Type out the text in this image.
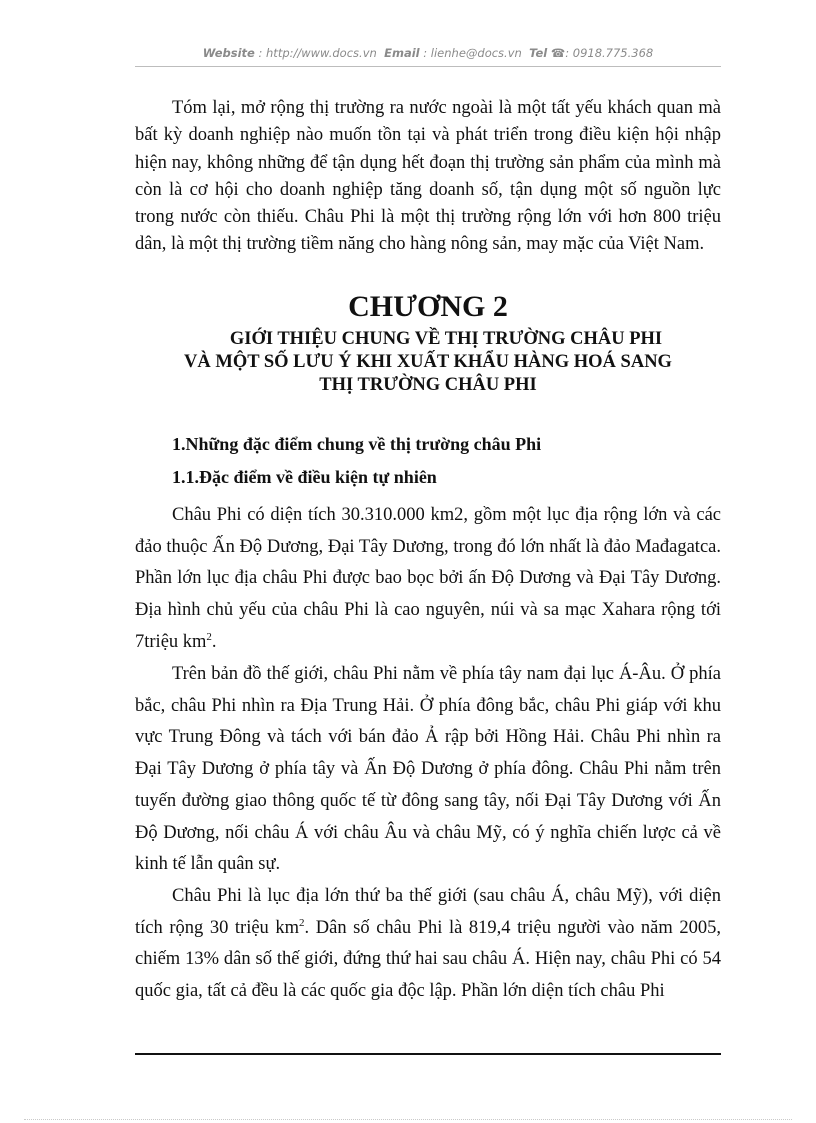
Website : http://www.docs.vn Email : lienhe@docs.vn Tel ☎: 0918.775.368

Tóm lại, mở rộng thị trường ra nước ngoài là một tất yếu khách quan mà bất kỳ doanh nghiệp nào muốn tồn tại và phát triển trong điều kiện hội nhập hiện nay, không những để tận dụng hết đoạn thị trường sản phẩm của mình mà còn là cơ hội cho doanh nghiệp tăng doanh số, tận dụng một số nguồn lực trong nước còn thiếu. Châu Phi là một thị trường rộng lớn với hơn 800 triệu dân, là một thị trường tiềm năng cho hàng nông sản, may mặc của Việt Nam.

CHƯƠNG 2
GIỚI THIỆU CHUNG VỀ THỊ TRƯỜNG CHÂU PHI
VÀ MỘT SỐ LƯU Ý KHI XUẤT KHẨU HÀNG HOÁ SANG
THỊ TRƯỜNG CHÂU PHI
1.Những đặc điểm chung về thị trường châu Phi
1.1.Đặc điểm về điều kiện tự nhiên

Châu Phi có diện tích 30.310.000 km2, gồm một lục địa rộng lớn và các đảo thuộc Ấn Độ Dương, Đại Tây Dương, trong đó lớn nhất là đảo Mađagatca. Phần lớn lục địa châu Phi được bao bọc bởi ấn Độ Dương và Đại Tây Dương. Địa hình chủ yếu của châu Phi là cao nguyên, núi và sa mạc Xahara rộng tới 7triệu $km^2$.

Trên bản đồ thế giới, châu Phi nằm về phía tây nam đại lục Á-Âu. Ở phía bắc, châu Phi nhìn ra Địa Trung Hải. Ở phía đông bắc, châu Phi giáp với khu vực Trung Đông và tách với bán đảo Ả rập bởi Hồng Hải. Châu Phi nhìn ra Đại Tây Dương ở phía tây và Ấn Độ Dương ở phía đông. Châu Phi nằm trên tuyến đường giao thông quốc tế từ đông sang tây, nối Đại Tây Dương với Ấn Độ Dương, nối châu Á với châu Âu và châu Mỹ, có ý nghĩa chiến lược cả về kinh tế lẫn quân sự.

Châu Phi là lục địa lớn thứ ba thế giới (sau châu Á, châu Mỹ), với diện tích rộng 30 triệu $km^2$. Dân số châu Phi là 819,4 triệu người vào năm 2005, chiếm 13% dân số thế giới, đứng thứ hai sau châu Á. Hiện nay, châu Phi có 54 quốc gia, tất cả đều là các quốc gia độc lập. Phần lớn diện tích châu Phi
